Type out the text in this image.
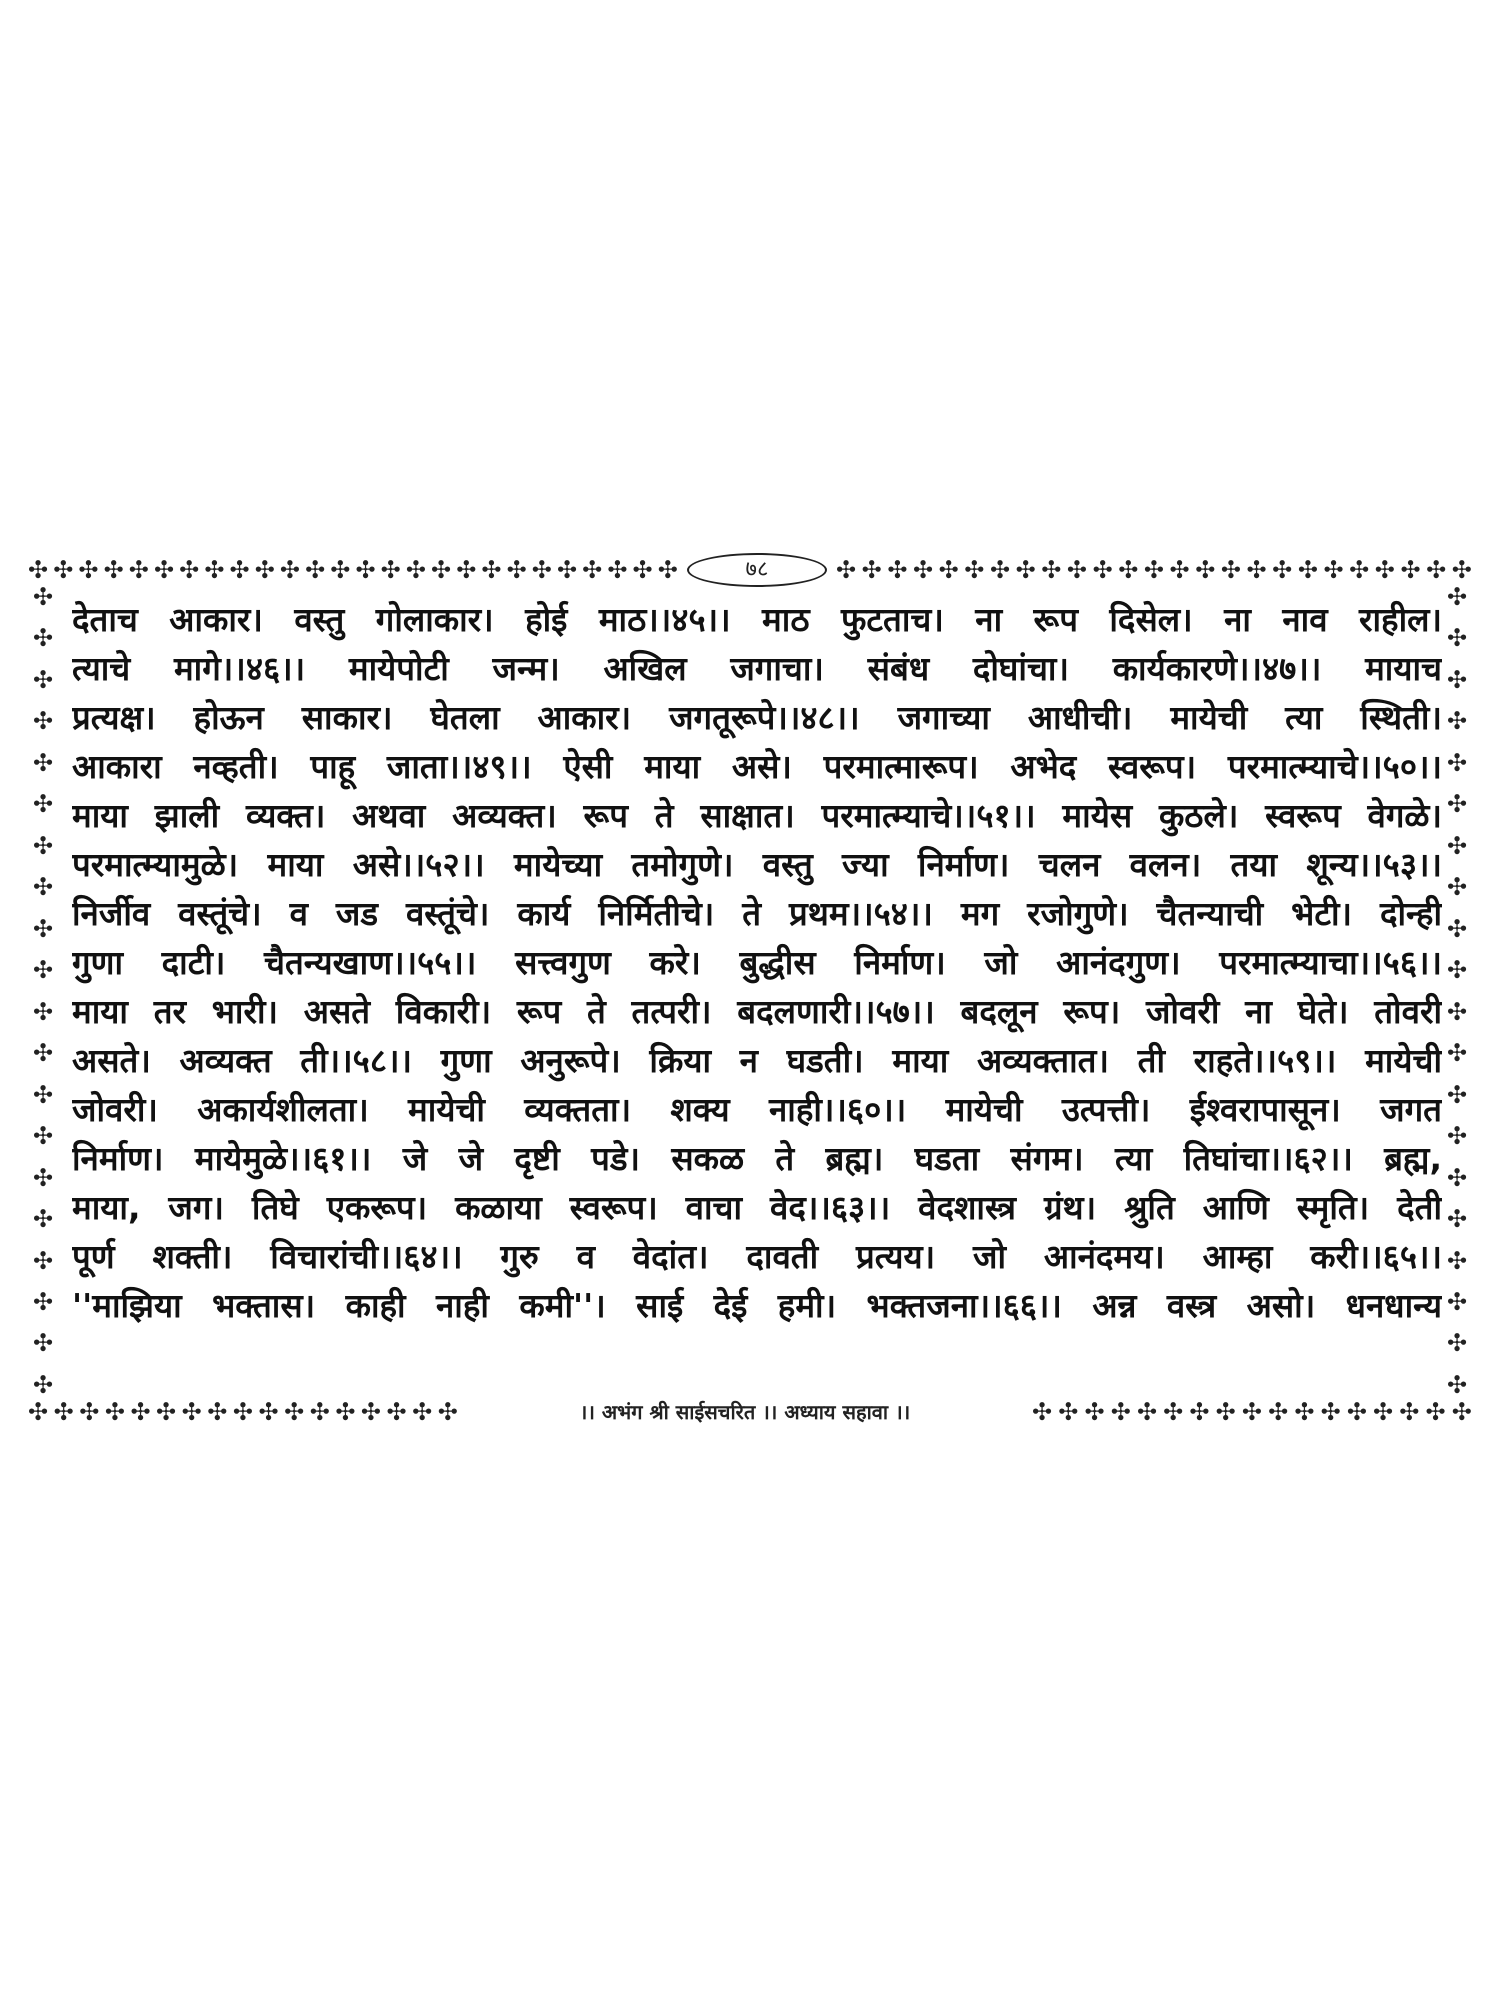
✣ ✣ ✣ ✣ ✣ ✣ ✣ ✣ ✣ ✣ ✣ ✣ ✣ ✣ ✣ ✣ ✣ ✣ ✣ ✣ ✣ ✣ ✣ ✣ ✣ ✣	७८	✣ ✣ ✣ ✣ ✣ ✣ ✣ ✣ ✣ ✣ ✣ ✣ ✣ ✣ ✣ ✣ ✣ ✣ ✣ ✣ ✣ ✣ ✣ ✣ ✣
✣
✣
✣
✣
✣
✣
✣
✣
✣
✣
✣
✣
✣
✣
✣
✣
✣
✣
✣
✣
✣
✣
✣
✣
✣
✣
✣
✣
✣
✣
✣
✣
✣
✣
✣
✣
✣
✣
✣
✣
देताच आकार। वस्तु गोलाकार। होई माठ।।४५।। माठ फुटताच। ना रूप दिसेल। ना नाव राहील।
त्याचे मागे।।४६।। मायेपोटी जन्म। अखिल जगाचा। संबंध दोघांचा। कार्यकारणे।।४७।। मायाच
प्रत्यक्ष। होऊन साकार। घेतला आकार। जगतूरूपे।।४८।। जगाच्या आधीची। मायेची त्या स्थिती।
आकारा नव्हती। पाहू जाता।।४९।। ऐसी माया असे। परमात्मारूप। अभेद स्वरूप। परमात्म्याचे।।५०।।
माया झाली व्यक्त। अथवा अव्यक्त। रूप ते साक्षात। परमात्म्याचे।।५१।। मायेस कुठले। स्वरूप वेगळे।
परमात्म्यामुळे। माया असे।।५२।। मायेच्या तमोगुणे। वस्तु ज्या निर्माण। चलन वलन। तया शून्य।।५३।।
निर्जीव वस्तूंचे। व जड वस्तूंचे। कार्य निर्मितीचे। ते प्रथम।।५४।। मग रजोगुणे। चैतन्याची भेटी। दोन्ही
गुणा दाटी। चैतन्यखाण।।५५।। सत्त्वगुण करे। बुद्धीस निर्माण। जो आनंदगुण। परमात्म्याचा।।५६।।
माया तर भारी। असते विकारी। रूप ते तत्परी। बदलणारी।।५७।। बदलून रूप। जोवरी ना घेते। तोवरी
असते। अव्यक्त ती।।५८।। गुणा अनुरूपे। क्रिया न घडती। माया अव्यक्तात। ती राहते।।५९।। मायेची
जोवरी। अकार्यशीलता। मायेची व्यक्तता। शक्य नाही।।६०।। मायेची उत्पत्ती। ईश्वरापासून। जगत
निर्माण। मायेमुळे।।६१।। जे जे दृष्टी पडे। सकळ ते ब्रह्म। घडता संगम। त्या तिघांचा।।६२।। ब्रह्म,
माया, जग। तिघे एकरूप। कळाया स्वरूप। वाचा वेद।।६३।। वेदशास्त्र ग्रंथ। श्रुति आणि स्मृति। देती
पूर्ण शक्ती। विचारांची।।६४।। गुरु व वेदांत। दावती प्रत्यय। जो आनंदमय। आम्हा करी।।६५।।
''माझिया भक्तास। काही नाही कमी''। साई देई हमी। भक्तजना।।६६।। अन्न वस्त्र असो। धनधान्य
✣ ✣ ✣ ✣ ✣ ✣ ✣ ✣ ✣ ✣ ✣ ✣ ✣ ✣ ✣ ✣ ✣	।। अभंग श्री साईसचरित ।। अध्याय सहावा ।।	✣ ✣ ✣ ✣ ✣ ✣ ✣ ✣ ✣ ✣ ✣ ✣ ✣ ✣ ✣ ✣ ✣
